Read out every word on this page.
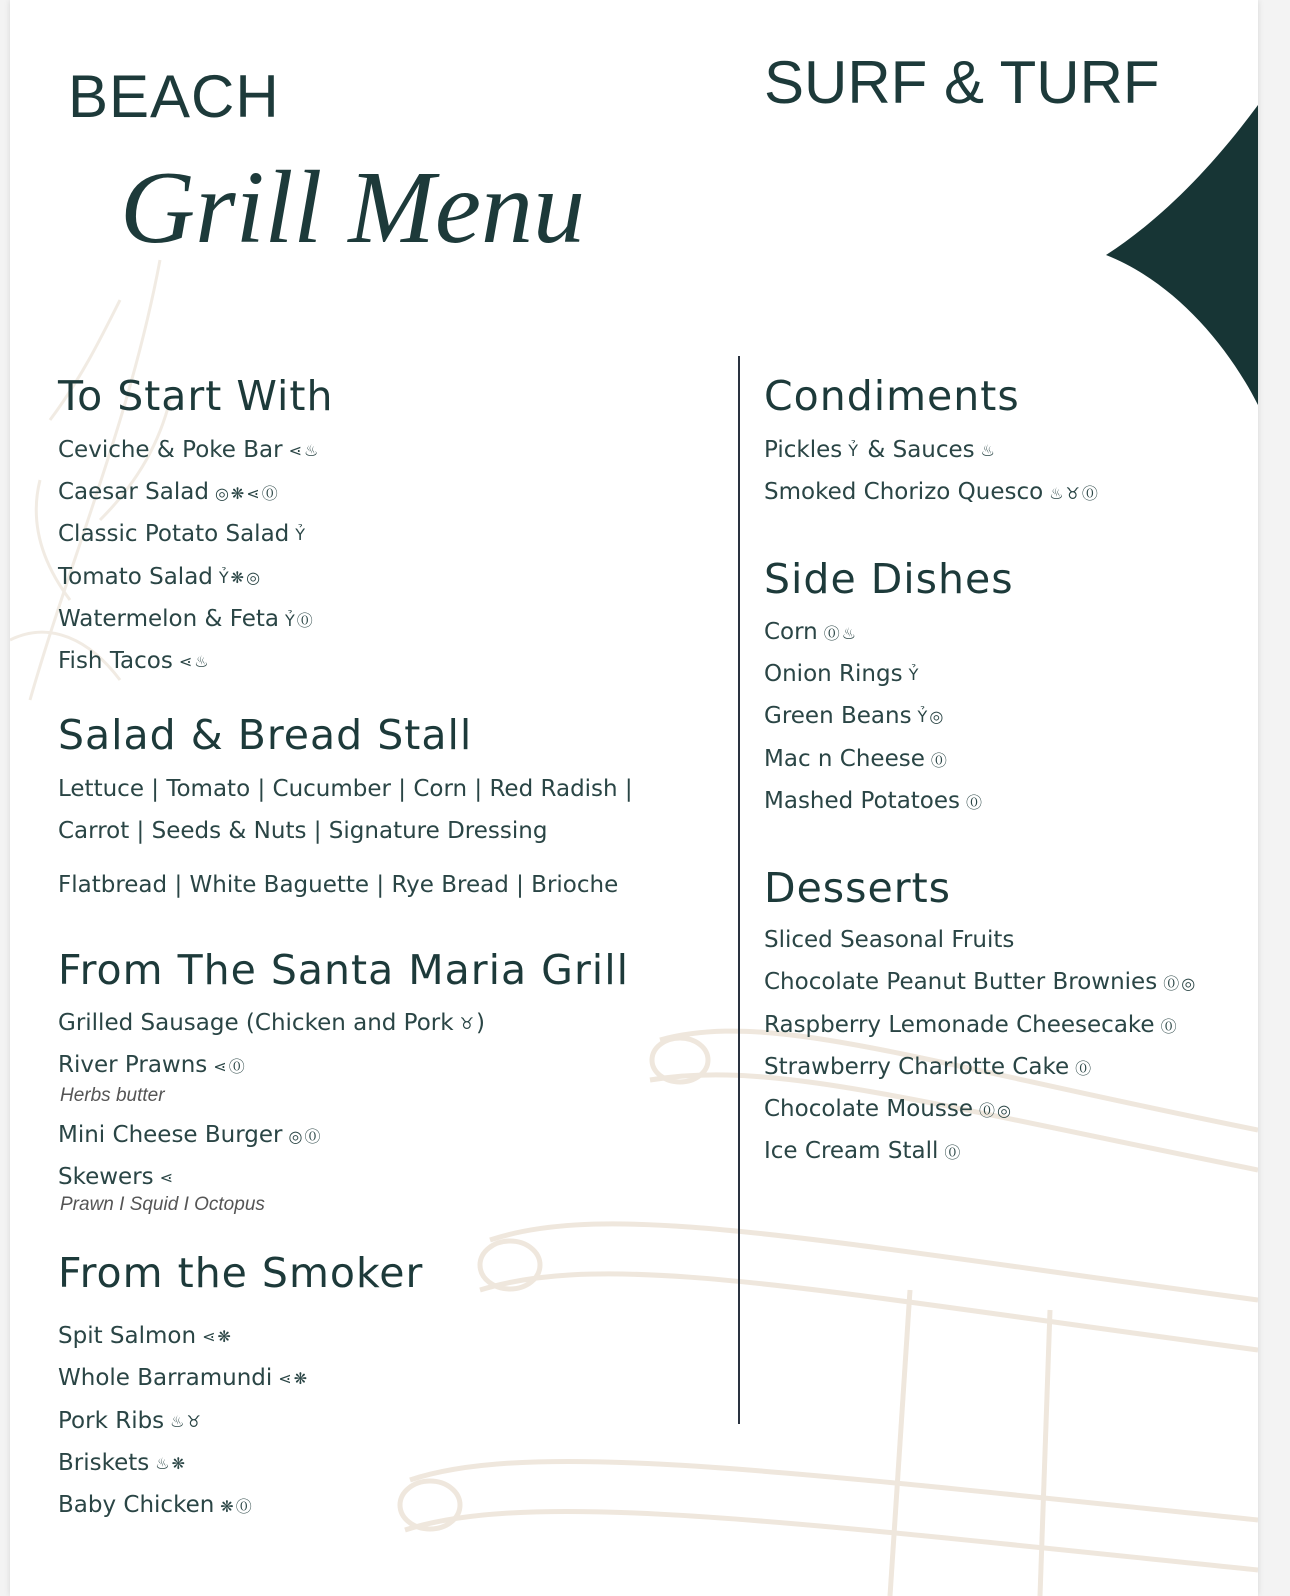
BEACH
Grill Menu
SURF & TURF
To Start With
Ceviche & Poke Bar ⋖♨
Caesar Salad ◎❋⋖⓪
Classic Potato Salad Ỷ
Tomato Salad Ỷ❋◎
Watermelon & Feta Ỷ⓪
Fish Tacos ⋖♨
Salad & Bread Stall
Lettuce | Tomato | Cucumber | Corn | Red Radish |
Carrot | Seeds & Nuts | Signature Dressing
Flatbread | White Baguette | Rye Bread | Brioche
From The Santa Maria Grill
Grilled Sausage (Chicken and Pork ♉)
River Prawns ⋖⓪
Herbs butter
Mini Cheese Burger ◎⓪
Skewers ⋖
Prawn I Squid I Octopus
From the Smoker
Spit Salmon ⋖❋
Whole Barramundi ⋖❋
Pork Ribs ♨♉
Briskets ♨❋
Baby Chicken ❋⓪
Condiments
Pickles Ỷ & Sauces ♨
Smoked Chorizo Quesco ♨♉⓪
Side Dishes
Corn ⓪♨
Onion Rings Ỷ
Green Beans Ỷ◎
Mac n Cheese ⓪
Mashed Potatoes ⓪
Desserts
Sliced Seasonal Fruits
Chocolate Peanut Butter Brownies ⓪◎
Raspberry Lemonade Cheesecake ⓪
Strawberry Charlotte Cake ⓪
Chocolate Mousse ⓪◎
Ice Cream Stall ⓪
